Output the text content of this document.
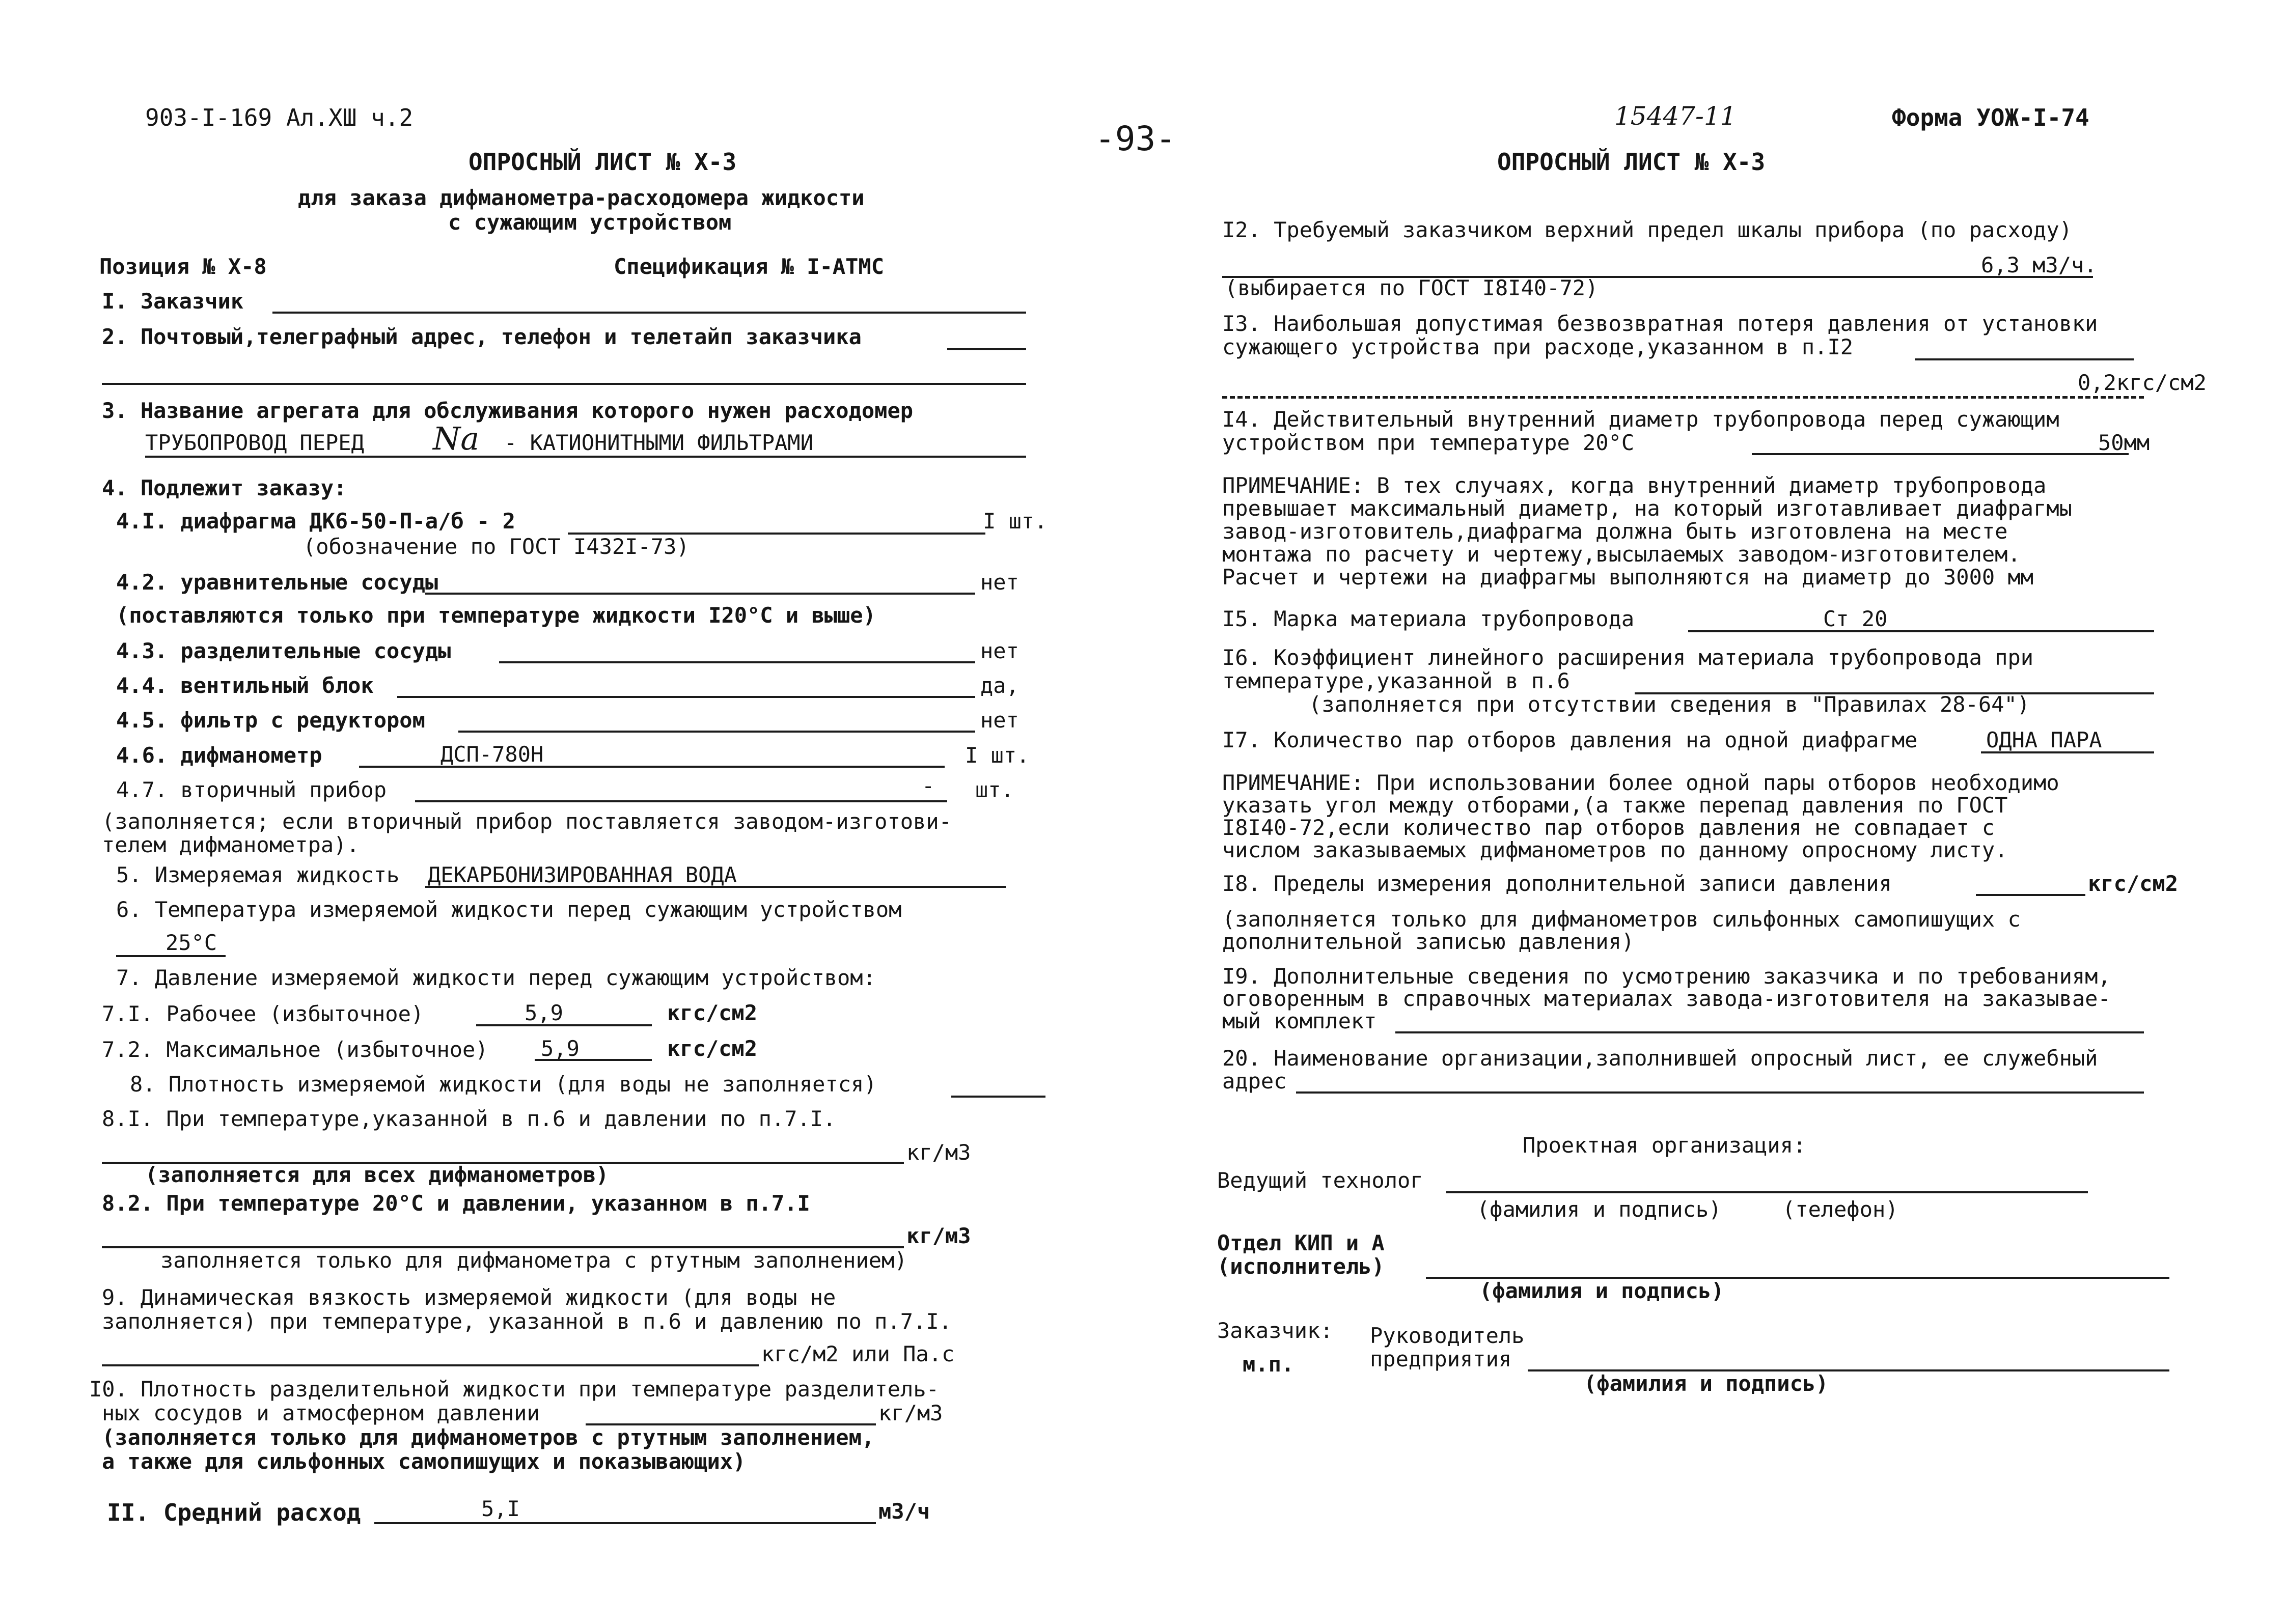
903-I-169 Ал.XШ ч.2
ОПРОСНЫЙ ЛИСТ № X-3
для заказа дифманометра-расходомера жидкости
с сужающим устройством
Позиция № X-8	Спецификация № I-АТМС
I. Заказчик
2. Почтовый,телеграфный адрес, телефон и телетайп заказчика
3. Название агрегата для обслуживания которого нужен расходомер
ТРУБОПРОВОД ПЕРЕД Na - КАТИОНИТНЫМИ ФИЛЬТРАМИ
4. Подлежит заказу:
4.I. диафрагма ДК6-50-П-а/б - 2	I шт.
(обозначение по ГОСТ I432I-73)
4.2. уравнительные сосуды	нет
(поставляются только при температуре жидкости I20°С и выше)
4.3. разделительные сосуды	нет
4.4. вентильный блок	да,
4.5. фильтр с редуктором	нет
4.6. дифманометр	ДСП-780Н	I шт.
4.7. вторичный прибор	- шт.
(заполняется; если вторичный прибор поставляется заводом-изготови-
телем дифманометра).
5. Измеряемая жидкость ДЕКАРБОНИЗИРОВАННАЯ ВОДА
6. Температура измеряемой жидкости перед сужающим устройством
25°С
7. Давление измеряемой жидкости перед сужающим устройством:
7.I. Рабочее (избыточное)	5,9	кгс/см2
7.2. Максимальное (избыточное) 5,9	кгс/см2
8. Плотность измеряемой жидкости (для воды не заполняется)
8.I. При температуре,указанной в п.6 и давлении по п.7.I.
кг/м3
(заполняется для всех дифманометров)
8.2. При температуре 20°С и давлении, указанном в п.7.I
кг/м3
заполняется только для дифманометра с ртутным заполнением)
9. Динамическая вязкость измеряемой жидкости (для воды не
заполняется) при температуре, указанной в п.6 и давлению по п.7.I.
кгс/м2 или Па.с
I0. Плотность разделительной жидкости при температуре разделитель-
ных сосудов и атмосферном давлении	кг/м3
(заполняется только для дифманометров с ртутным заполнением,
а также для сильфонных самопишущих и показывающих)
II. Средний расход	5,I	м3/ч
-93-
15447-11	Форма УОЖ-I-74
ОПРОСНЫЙ ЛИСТ № X-3
I2. Требуемый заказчиком верхний предел шкалы прибора (по расходу)
6,3 м3/ч.
(выбирается по ГОСТ I8I40-72)
I3. Наибольшая допустимая безвозвратная потеря давления от установки
сужающего устройства при расходе,указанном в п.I2
0,2кгс/см2
I4. Действительный внутренний диаметр трубопровода перед сужающим
устройством при температуре 20°С	50мм
ПРИМЕЧАНИЕ: В тех случаях, когда внутренний диаметр трубопровода
превышает максимальный диаметр, на который изготавливает диафрагмы
завод-изготовитель,диафрагма должна быть изготовлена на месте
монтажа по расчету и чертежу,высылаемых заводом-изготовителем.
Расчет и чертежи на диафрагмы выполняются на диаметр до 3000 мм
I5. Марка материала трубопровода	Ст 20
I6. Коэффициент линейного расширения материала трубопровода при
температуре,указанной в п.6
(заполняется при отсутствии сведения в "Правилах 28-64")
I7. Количество пар отборов давления на одной диафрагме	ОДНА ПАРА
ПРИМЕЧАНИЕ: При использовании более одной пары отборов необходимо
указать угол между отборами,(а также перепад давления по ГОСТ
I8I40-72,если количество пар отборов давления не совпадает с
числом заказываемых дифманометров по данному опросному листу.
I8. Пределы измерения дополнительной записи давления	кгс/см2
(заполняется только для дифманометров сильфонных самопишущих с
дополнительной записью давления)
I9. Дополнительные сведения по усмотрению заказчика и по требованиям,
оговоренным в справочных материалах завода-изготовителя на заказывае-
мый комплект
20. Наименование организации,заполнившей опросный лист, ее служебный
адрес
Проектная организация:
Ведущий технолог
(фамилия и подпись)	(телефон)
Отдел КИП и А
(исполнитель)
(фамилия и подпись)
Заказчик: Руководитель
предприятия
м.п.
(фамилия и подпись)
